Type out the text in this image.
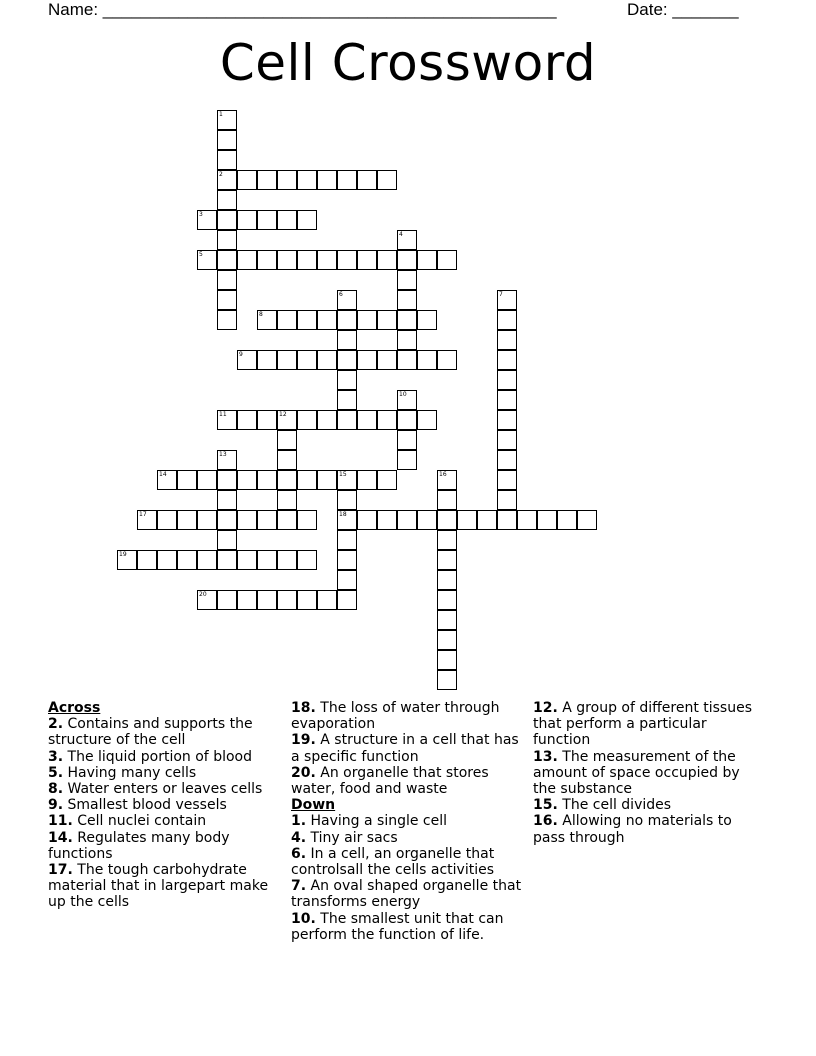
Name: ________________________________________________	Date: _______
Cell Crossword
1
2
3
4
5
6	7
8
9
10
11	12
13
14	15
18
16
17
19
20
Across
2. Contains and supports the structure of the cell
3. The liquid portion of blood
5. Having many cells
8. Water enters or leaves cells
9. Smallest blood vessels
11. Cell nuclei contain
14. Regulates many body functions
17. The tough carbohydrate material that in largepart make up the cells
18. The loss of water through evaporation
19. A structure in a cell that has a specific function
20. An organelle that stores water, food and waste
Down
1. Having a single cell
4. Tiny air sacs
6. In a cell, an organelle that controlsall the cells activities
7. An oval shaped organelle that transforms energy
10. The smallest unit that can perform the function of life.
12. A group of different tissues that perform a particular function
13. The measurement of the amount of space occupied by the substance
15. The cell divides
16. Allowing no materials to pass through
